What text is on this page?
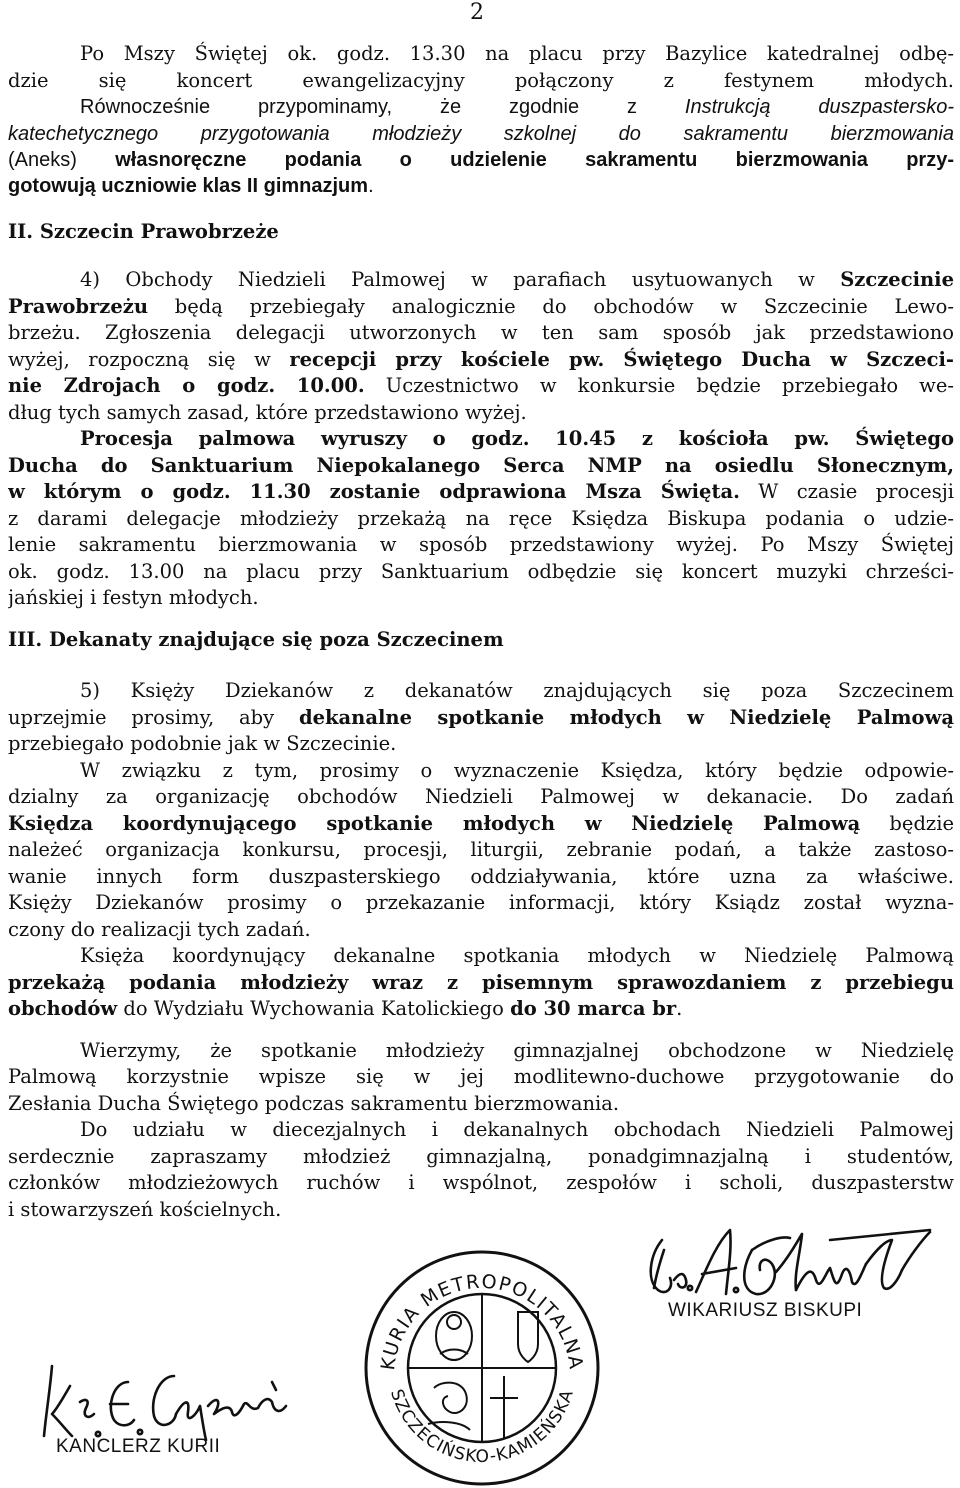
2
Po Mszy Świętej ok. godz. 13.30 na placu przy Bazylice katedralnej odbę-
dzie się koncert ewangelizacyjny połączony z festynem młodych.
Równocześnie przypominamy, że zgodnie z Instrukcją duszpastersko-
katechetycznego przygotowania młodzieży szkolnej do sakramentu bierzmowania
(Aneks) własnoręczne podania o udzielenie sakramentu bierzmowania przy-
gotowują uczniowie klas II gimnazjum.
II. Szczecin Prawobrzeże
4) Obchody Niedzieli Palmowej w parafiach usytuowanych w Szczecinie
Prawobrzeżu będą przebiegały analogicznie do obchodów w Szczecinie Lewo-
brzeżu. Zgłoszenia delegacji utworzonych w ten sam sposób jak przedstawiono
wyżej, rozpoczną się w recepcji przy kościele pw. Świętego Ducha w Szczeci-
nie Zdrojach o godz. 10.00. Uczestnictwo w konkursie będzie przebiegało we-
dług tych samych zasad, które przedstawiono wyżej.
Procesja palmowa wyruszy o godz. 10.45 z kościoła pw. Świętego
Ducha do Sanktuarium Niepokalanego Serca NMP na osiedlu Słonecznym,
w którym o godz. 11.30 zostanie odprawiona Msza Święta. W czasie procesji
z darami delegacje młodzieży przekażą na ręce Księdza Biskupa podania o udzie-
lenie sakramentu bierzmowania w sposób przedstawiony wyżej. Po Mszy Świętej
ok. godz. 13.00 na placu przy Sanktuarium odbędzie się koncert muzyki chrześci-
jańskiej i festyn młodych.
III. Dekanaty znajdujące się poza Szczecinem
5) Księży Dziekanów z dekanatów znajdujących się poza Szczecinem
uprzejmie prosimy, aby dekanalne spotkanie młodych w Niedzielę Palmową
przebiegało podobnie jak w Szczecinie.
W związku z tym, prosimy o wyznaczenie Księdza, który będzie odpowie-
dzialny za organizację obchodów Niedzieli Palmowej w dekanacie. Do zadań
Księdza koordynującego spotkanie młodych w Niedzielę Palmową będzie
należeć organizacja konkursu, procesji, liturgii, zebranie podań, a także zastoso-
wanie innych form duszpasterskiego oddziaływania, które uzna za właściwe.
Księży Dziekanów prosimy o przekazanie informacji, który Ksiądz został wyzna-
czony do realizacji tych zadań.
Księża koordynujący dekanalne spotkania młodych w Niedzielę Palmową
przekażą podania młodzieży wraz z pisemnym sprawozdaniem z przebiegu
obchodów do Wydziału Wychowania Katolickiego do 30 marca br.
Wierzymy, że spotkanie młodzieży gimnazjalnej obchodzone w Niedzielę
Palmową korzystnie wpisze się w jej modlitewno-duchowe przygotowanie do
Zesłania Ducha Świętego podczas sakramentu bierzmowania.
Do udziału w diecezjalnych i dekanalnych obchodach Niedzieli Palmowej
serdecznie zapraszamy młodzież gimnazjalną, ponadgimnazjalną i studentów,
członków młodzieżowych ruchów i wspólnot, zespołów i scholi, duszpasterstw
i stowarzyszeń kościelnych.
WIKARIUSZ BISKUPI
KURIA METROPOLITALNA
SZCZECIŃSKO-KAMIEŃSKA
KANCLERZ KURII
